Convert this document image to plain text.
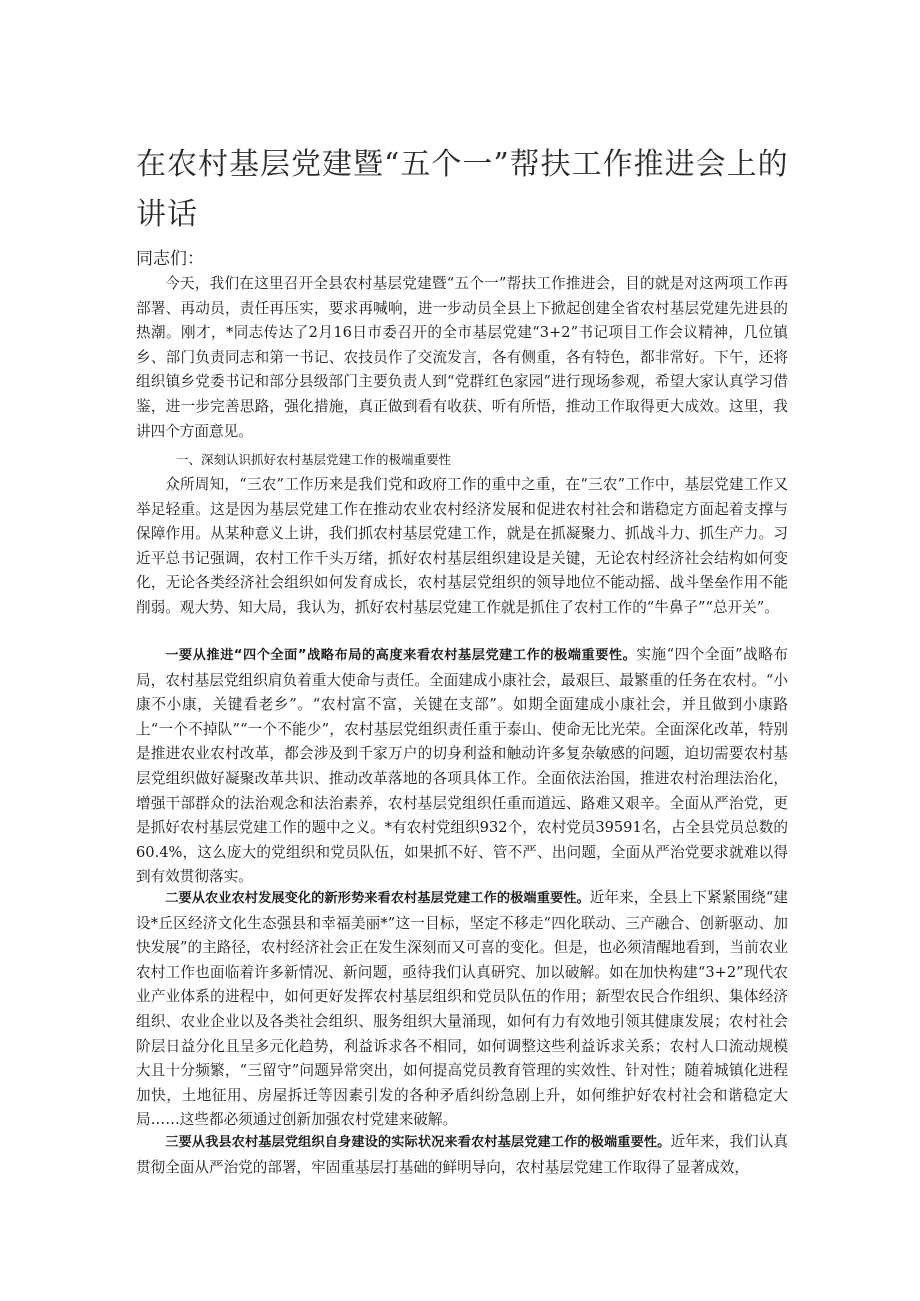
在农村基层党建暨“五个一”帮扶工作推进会上的讲话
同志们：

今天，我们在这里召开全县农村基层党建暨“五个一”帮扶工作推进会，目的就是对这两项工作再部署、再动员，责任再压实，要求再喊响，进一步动员全县上下掀起创建全省农村基层党建先进县的热潮。刚才，*同志传达了2月16日市委召开的全市基层党建“3+2”书记项目工作会议精神，几位镇乡、部门负责同志和第一书记、农技员作了交流发言，各有侧重，各有特色，都非常好。下午，还将组织镇乡党委书记和部分县级部门主要负责人到“党群红色家园”进行现场参观，希望大家认真学习借鉴，进一步完善思路，强化措施，真正做到看有收获、听有所悟，推动工作取得更大成效。这里，我讲四个方面意见。

一、深刻认识抓好农村基层党建工作的极端重要性

众所周知，“三农”工作历来是我们党和政府工作的重中之重，在“三农”工作中，基层党建工作又举足轻重。这是因为基层党建工作在推动农业农村经济发展和促进农村社会和谐稳定方面起着支撑与保障作用。从某种意义上讲，我们抓农村基层党建工作，就是在抓凝聚力、抓战斗力、抓生产力。习近平总书记强调，农村工作千头万绪，抓好农村基层组织建设是关键，无论农村经济社会结构如何变化，无论各类经济社会组织如何发育成长，农村基层党组织的领导地位不能动摇、战斗堡垒作用不能削弱。观大势、知大局，我认为，抓好农村基层党建工作就是抓住了农村工作的“牛鼻子”“总开关”。

一要从推进“四个全面”战略布局的高度来看农村基层党建工作的极端重要性。实施“四个全面”战略布局，农村基层党组织肩负着重大使命与责任。全面建成小康社会，最艰巨、最繁重的任务在农村。“小康不小康，关键看老乡”。“农村富不富，关键在支部”。如期全面建成小康社会，并且做到小康路上“一个不掉队”“一个不能少”，农村基层党组织责任重于泰山、使命无比光荣。全面深化改革，特别是推进农业农村改革，都会涉及到千家万户的切身利益和触动许多复杂敏感的问题，迫切需要农村基层党组织做好凝聚改革共识、推动改革落地的各项具体工作。全面依法治国，推进农村治理法治化，增强干部群众的法治观念和法治素养，农村基层党组织任重而道远、路难又艰辛。全面从严治党，更是抓好农村基层党建工作的题中之义。*有农村党组织932个，农村党员39591名，占全县党员总数的60.4%，这么庞大的党组织和党员队伍，如果抓不好、管不严、出问题，全面从严治党要求就难以得到有效贯彻落实。

二要从农业农村发展变化的新形势来看农村基层党建工作的极端重要性。近年来，全县上下紧紧围绕“建设*丘区经济文化生态强县和幸福美丽*”这一目标，坚定不移走“四化联动、三产融合、创新驱动、加快发展”的主路径，农村经济社会正在发生深刻而又可喜的变化。但是，也必须清醒地看到，当前农业农村工作也面临着许多新情况、新问题，亟待我们认真研究、加以破解。如在加快构建“3+2”现代农业产业体系的进程中，如何更好发挥农村基层组织和党员队伍的作用；新型农民合作组织、集体经济组织、农业企业以及各类社会组织、服务组织大量涌现，如何有力有效地引领其健康发展；农村社会阶层日益分化且呈多元化趋势，利益诉求各不相同，如何调整这些利益诉求关系；农村人口流动规模大且十分频繁，“三留守”问题异常突出，如何提高党员教育管理的实效性、针对性；随着城镇化进程加快，土地征用、房屋拆迁等因素引发的各种矛盾纠纷急剧上升，如何维护好农村社会和谐稳定大局……这些都必须通过创新加强农村党建来破解。

三要从我县农村基层党组织自身建设的实际状况来看农村基层党建工作的极端重要性。近年来，我们认真贯彻全面从严治党的部署，牢固重基层打基础的鲜明导向，农村基层党建工作取得了显著成效，
